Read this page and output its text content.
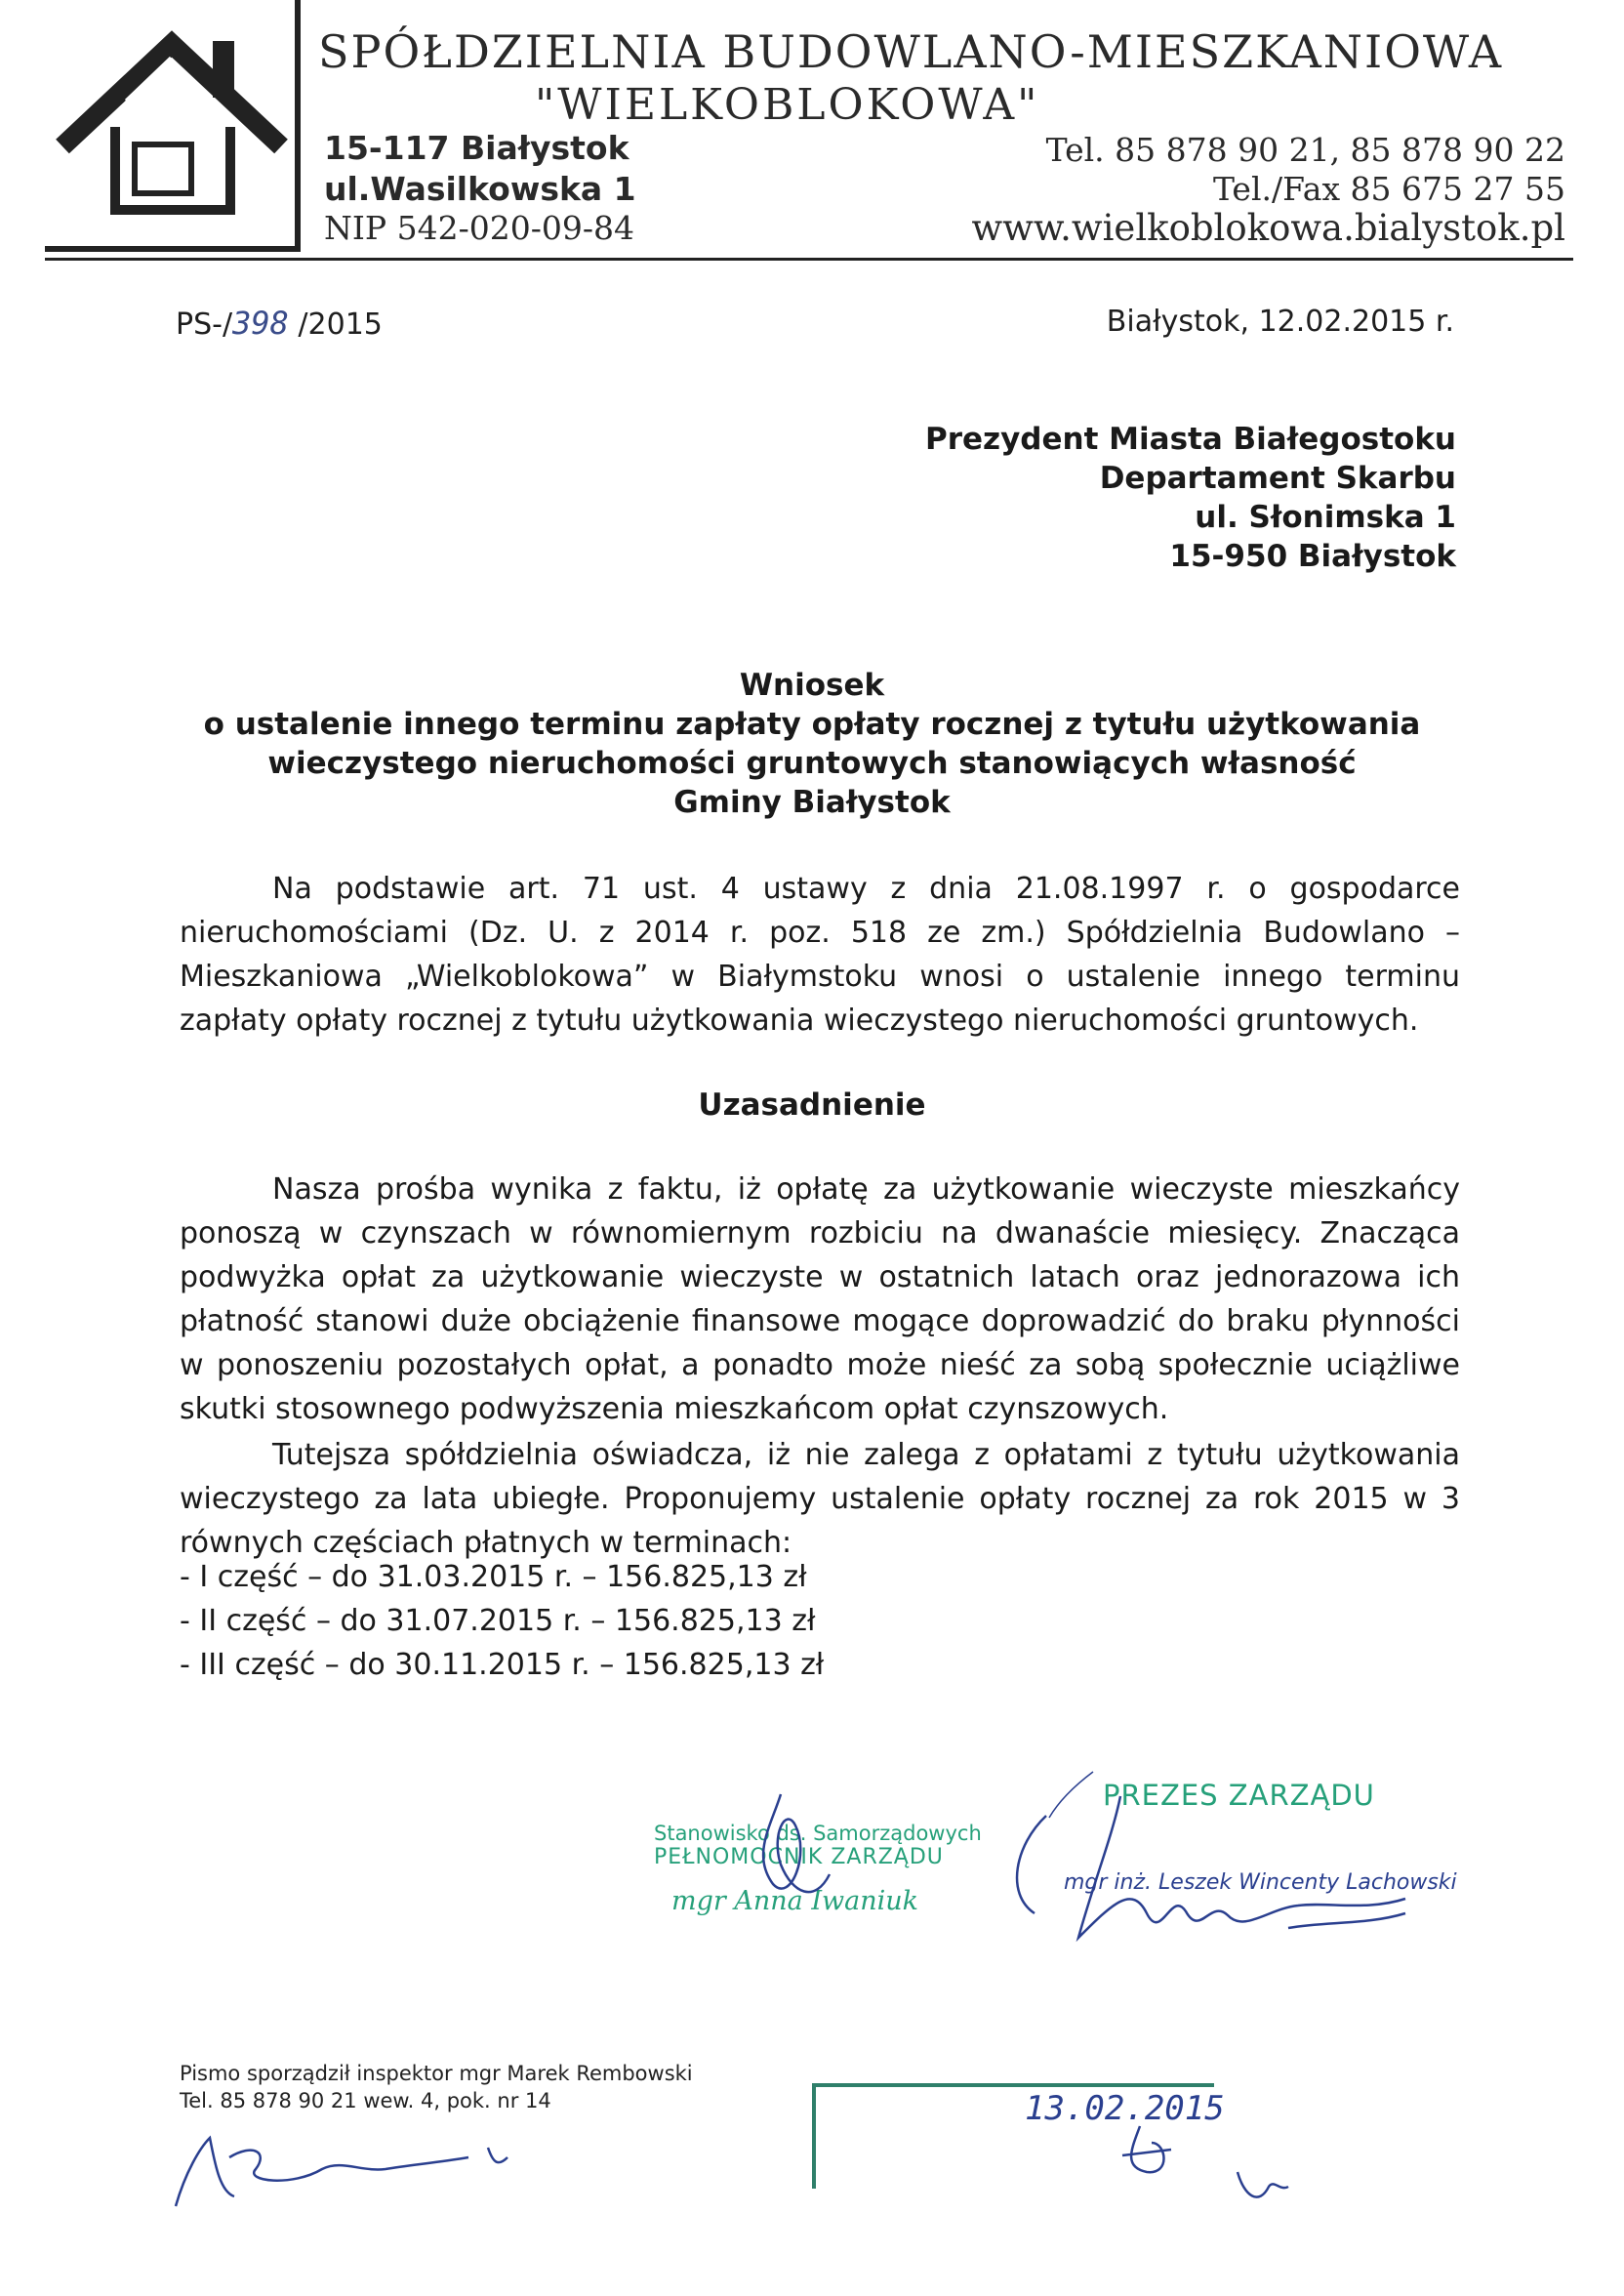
SPÓŁDZIELNIA BUDOWLANO-MIESZKANIOWA
"WIELKOBLOKOWA"
15-117 Białystok
ul.Wasilkowska 1
NIP 542-020-09-84
Tel. 85 878 90 21, 85 878 90 22
Tel./Fax 85 675 27 55
www.wielkoblokowa.bialystok.pl
PS-/398 /2015	Białystok, 12.02.2015 r.
Prezydent Miasta Białegostoku
Departament Skarbu
ul. Słonimska 1
15-950 Białystok
Wniosek
o ustalenie innego terminu zapłaty opłaty rocznej z tytułu użytkowania
wieczystego nieruchomości gruntowych stanowiących własność
Gminy Białystok
Na podstawie art. 71 ust. 4 ustawy z dnia 21.08.1997 r. o gospodarce nieruchomościami (Dz. U. z 2014 r. poz. 518 ze zm.) Spółdzielnia Budowlano – Mieszkaniowa „Wielkoblokowa” w Białymstoku wnosi o ustalenie innego terminu zapłaty opłaty rocznej z tytułu użytkowania wieczystego nieruchomości gruntowych.
Uzasadnienie
Nasza prośba wynika z faktu, iż opłatę za użytkowanie wieczyste mieszkańcy ponoszą w czynszach w równomiernym rozbiciu na dwanaście miesięcy. Znacząca podwyżka opłat za użytkowanie wieczyste w ostatnich latach oraz jednorazowa ich płatność stanowi duże obciążenie finansowe mogące doprowadzić do braku płynności w ponoszeniu pozostałych opłat, a ponadto może nieść za sobą społecznie uciążliwe skutki stosownego podwyższenia mieszkańcom opłat czynszowych.
Tutejsza spółdzielnia oświadcza, iż nie zalega z opłatami z tytułu użytkowania wieczystego za lata ubiegłe. Proponujemy ustalenie opłaty rocznej za rok 2015 w 3 równych częściach płatnych w terminach:
- I część – do 31.03.2015 r. – 156.825,13 zł
- II część – do 31.07.2015 r. – 156.825,13 zł
- III część – do 30.11.2015 r. – 156.825,13 zł
Stanowisko ds. Samorządowych
PEŁNOMOCNIK ZARZĄDU
mgr Anna Iwaniuk
PREZES ZARZĄDU
mgr inż. Leszek Wincenty Lachowski
Pismo sporządził inspektor mgr Marek Rembowski
Tel. 85 878 90 21 wew. 4, pok. nr 14	13.02.2015
